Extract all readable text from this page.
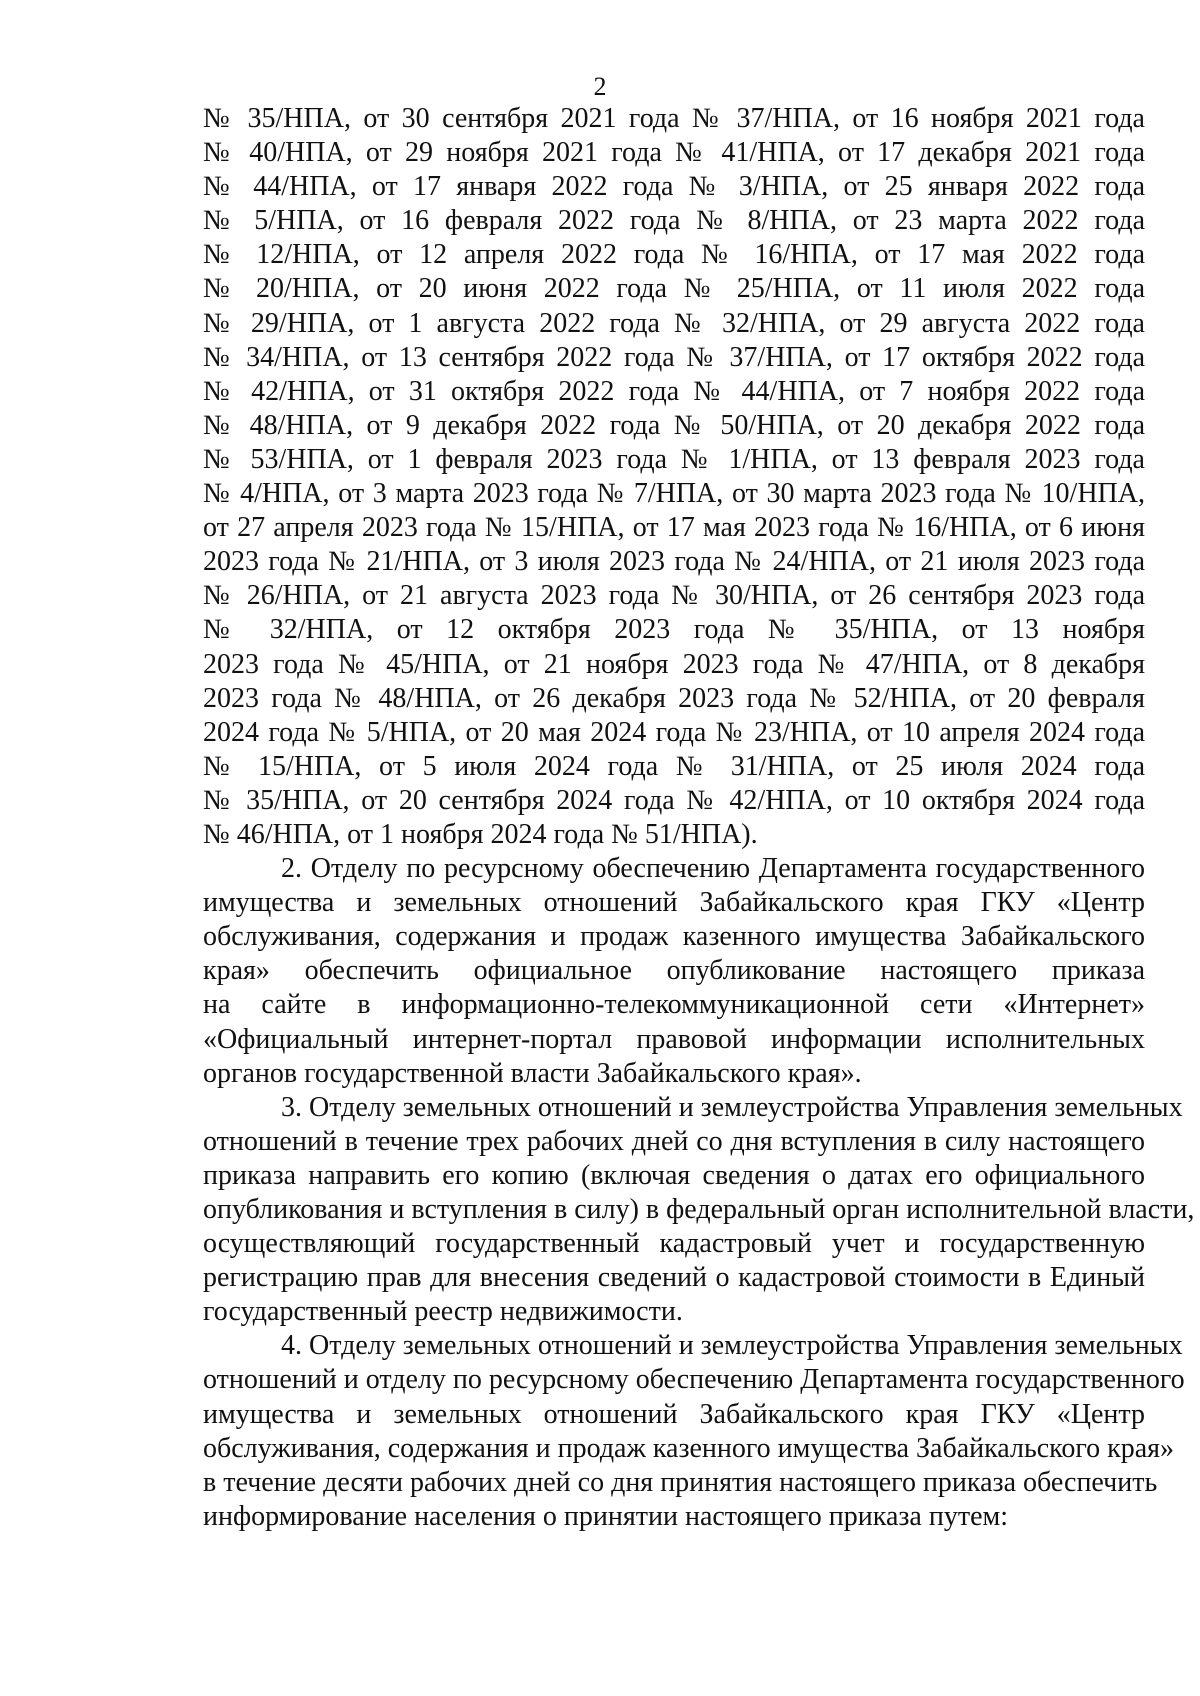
2
№ 35/НПА, от 30 сентября 2021 года № 37/НПА, от 16 ноября 2021 года
№ 40/НПА, от 29 ноября 2021 года № 41/НПА, от 17 декабря 2021 года
№ 44/НПА, от 17 января 2022 года № 3/НПА, от 25 января 2022 года
№ 5/НПА, от 16 февраля 2022 года № 8/НПА, от 23 марта 2022 года
№ 12/НПА, от 12 апреля 2022 года № 16/НПА, от 17 мая 2022 года
№ 20/НПА, от 20 июня 2022 года № 25/НПА, от 11 июля 2022 года
№ 29/НПА, от 1 августа 2022 года № 32/НПА, от 29 августа 2022 года
№ 34/НПА, от 13 сентября 2022 года № 37/НПА, от 17 октября 2022 года
№ 42/НПА, от 31 октября 2022 года № 44/НПА, от 7 ноября 2022 года
№ 48/НПА, от 9 декабря 2022 года № 50/НПА, от 20 декабря 2022 года
№ 53/НПА, от 1 февраля 2023 года № 1/НПА, от 13 февраля 2023 года
№ 4/НПА, от 3 марта 2023 года № 7/НПА, от 30 марта 2023 года № 10/НПА,
от 27 апреля 2023 года № 15/НПА, от 17 мая 2023 года № 16/НПА, от 6 июня
2023 года № 21/НПА, от 3 июля 2023 года № 24/НПА, от 21 июля 2023 года
№ 26/НПА, от 21 августа 2023 года № 30/НПА, от 26 сентября 2023 года
№ 32/НПА, от 12 октября 2023 года № 35/НПА, от 13 ноября
2023 года № 45/НПА, от 21 ноября 2023 года № 47/НПА, от 8 декабря
2023 года № 48/НПА, от 26 декабря 2023 года № 52/НПА, от 20 февраля
2024 года № 5/НПА, от 20 мая 2024 года № 23/НПА, от 10 апреля 2024 года
№ 15/НПА, от 5 июля 2024 года № 31/НПА, от 25 июля 2024 года
№ 35/НПА, от 20 сентября 2024 года № 42/НПА, от 10 октября 2024 года
№ 46/НПА, от 1 ноября 2024 года № 51/НПА).
2. Отделу по ресурсному обеспечению Департамента государственного
имущества и земельных отношений Забайкальского края ГКУ «Центр
обслуживания, содержания и продаж казенного имущества Забайкальского
края» обеспечить официальное опубликование настоящего приказа
на сайте в информационно-телекоммуникационной сети «Интернет»
«Официальный интернет-портал правовой информации исполнительных
органов государственной власти Забайкальского края».
3. Отделу земельных отношений и землеустройства Управления земельных
отношений в течение трех рабочих дней со дня вступления в силу настоящего
приказа направить его копию (включая сведения о датах его официального
опубликования и вступления в силу) в федеральный орган исполнительной власти,
осуществляющий государственный кадастровый учет и государственную
регистрацию прав для внесения сведений о кадастровой стоимости в Единый
государственный реестр недвижимости.
4. Отделу земельных отношений и землеустройства Управления земельных
отношений и отделу по ресурсному обеспечению Департамента государственного
имущества и земельных отношений Забайкальского края ГКУ «Центр
обслуживания, содержания и продаж казенного имущества Забайкальского края»
в течение десяти рабочих дней со дня принятия настоящего приказа обеспечить
информирование населения о принятии настоящего приказа путем:
